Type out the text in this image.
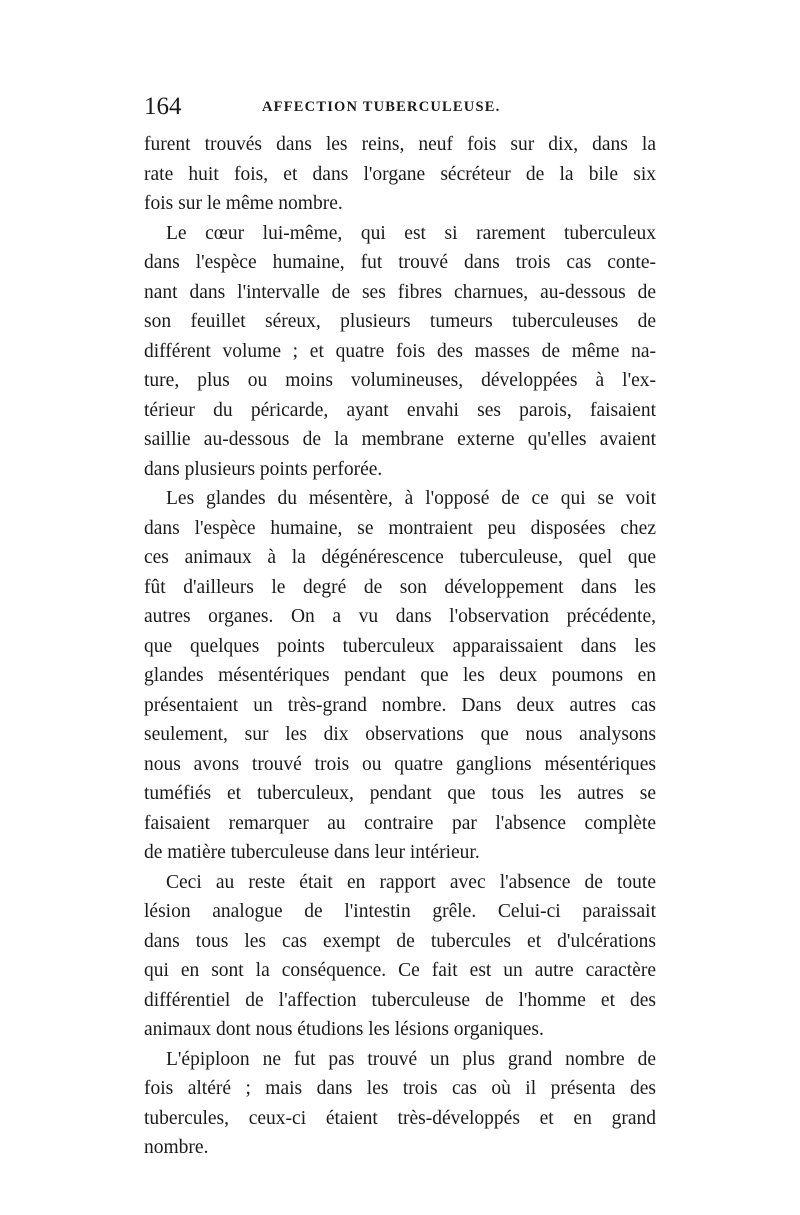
164	AFFECTION TUBERCULEUSE.
furent trouvés dans les reins, neuf fois sur dix, dans la
rate huit fois, et dans l'organe sécréteur de la bile six
fois sur le même nombre.
Le cœur lui-même, qui est si rarement tuberculeux
dans l'espèce humaine, fut trouvé dans trois cas conte-
nant dans l'intervalle de ses fibres charnues, au-dessous de
son feuillet séreux, plusieurs tumeurs tuberculeuses de
différent volume ; et quatre fois des masses de même na-
ture, plus ou moins volumineuses, développées à l'ex-
térieur du péricarde, ayant envahi ses parois, faisaient
saillie au-dessous de la membrane externe qu'elles avaient
dans plusieurs points perforée.
Les glandes du mésentère, à l'opposé de ce qui se voit
dans l'espèce humaine, se montraient peu disposées chez
ces animaux à la dégénérescence tuberculeuse, quel que
fût d'ailleurs le degré de son développement dans les
autres organes. On a vu dans l'observation précédente,
que quelques points tuberculeux apparaissaient dans les
glandes mésentériques pendant que les deux poumons en
présentaient un très-grand nombre. Dans deux autres cas
seulement, sur les dix observations que nous analysons
nous avons trouvé trois ou quatre ganglions mésentériques
tuméfiés et tuberculeux, pendant que tous les autres se
faisaient remarquer au contraire par l'absence complète
de matière tuberculeuse dans leur intérieur.
Ceci au reste était en rapport avec l'absence de toute
lésion analogue de l'intestin grêle. Celui-ci paraissait
dans tous les cas exempt de tubercules et d'ulcérations
qui en sont la conséquence. Ce fait est un autre caractère
différentiel de l'affection tuberculeuse de l'homme et des
animaux dont nous étudions les lésions organiques.
L'épiploon ne fut pas trouvé un plus grand nombre de
fois altéré ; mais dans les trois cas où il présenta des
tubercules, ceux-ci étaient très-développés et en grand
nombre.
